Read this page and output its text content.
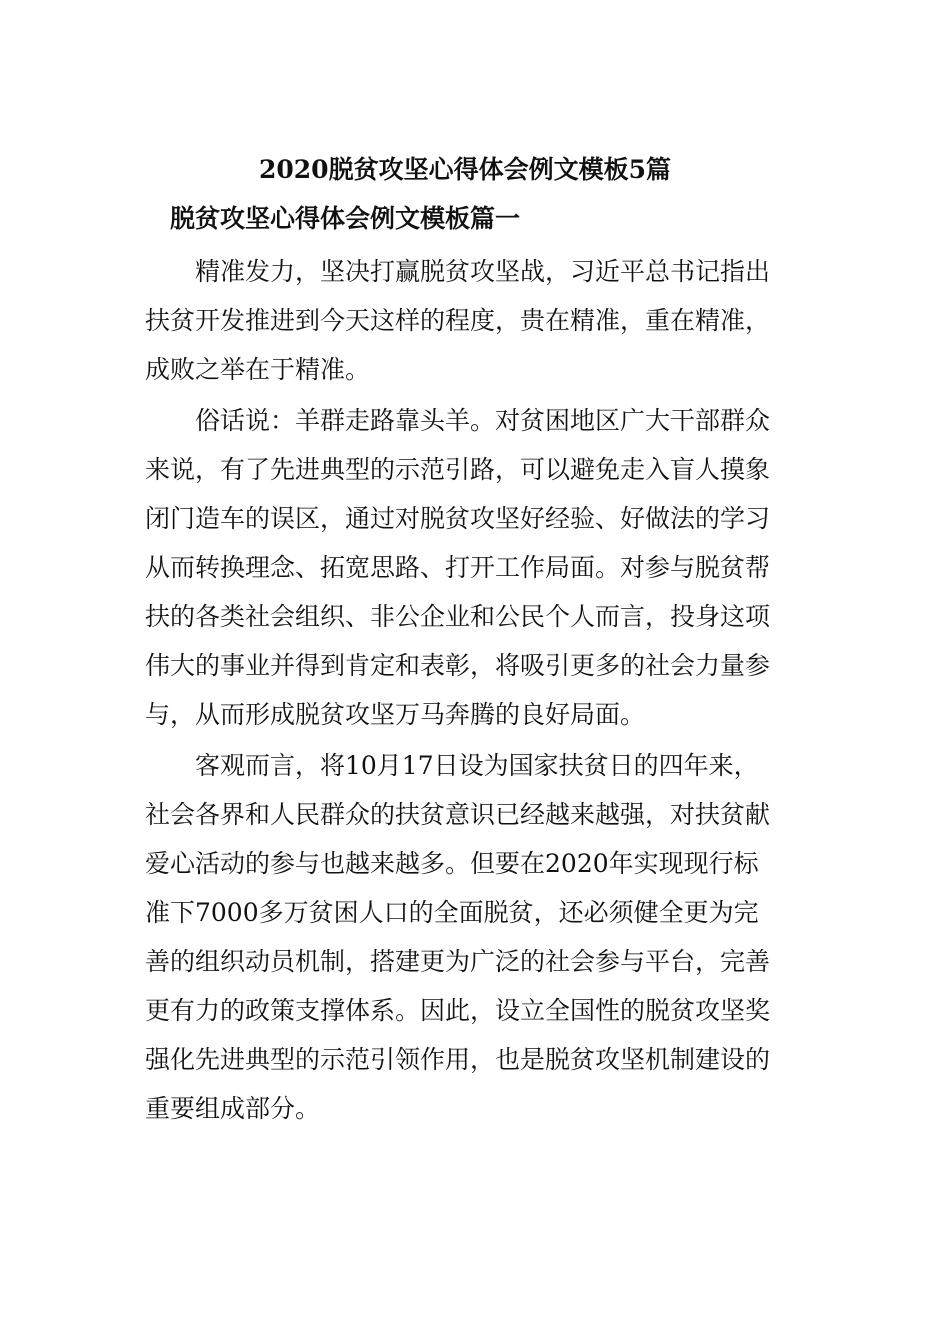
2020脱贫攻坚心得体会例文模板5篇
脱贫攻坚心得体会例文模板篇一
精准发力，坚决打赢脱贫攻坚战，习近平总书记指出
扶贫开发推进到今天这样的程度，贵在精准，重在精准，
成败之举在于精准。
俗话说：羊群走路靠头羊。对贫困地区广大干部群众
来说，有了先进典型的示范引路，可以避免走入盲人摸象
闭门造车的误区，通过对脱贫攻坚好经验、好做法的学习
从而转换理念、拓宽思路、打开工作局面。对参与脱贫帮
扶的各类社会组织、非公企业和公民个人而言，投身这项
伟大的事业并得到肯定和表彰，将吸引更多的社会力量参
与，从而形成脱贫攻坚万马奔腾的良好局面。
客观而言，将10月17日设为国家扶贫日的四年来，
社会各界和人民群众的扶贫意识已经越来越强，对扶贫献
爱心活动的参与也越来越多。但要在2020年实现现行标
准下7000多万贫困人口的全面脱贫，还必须健全更为完
善的组织动员机制，搭建更为广泛的社会参与平台，完善
更有力的政策支撑体系。因此，设立全国性的脱贫攻坚奖
强化先进典型的示范引领作用，也是脱贫攻坚机制建设的
重要组成部分。
